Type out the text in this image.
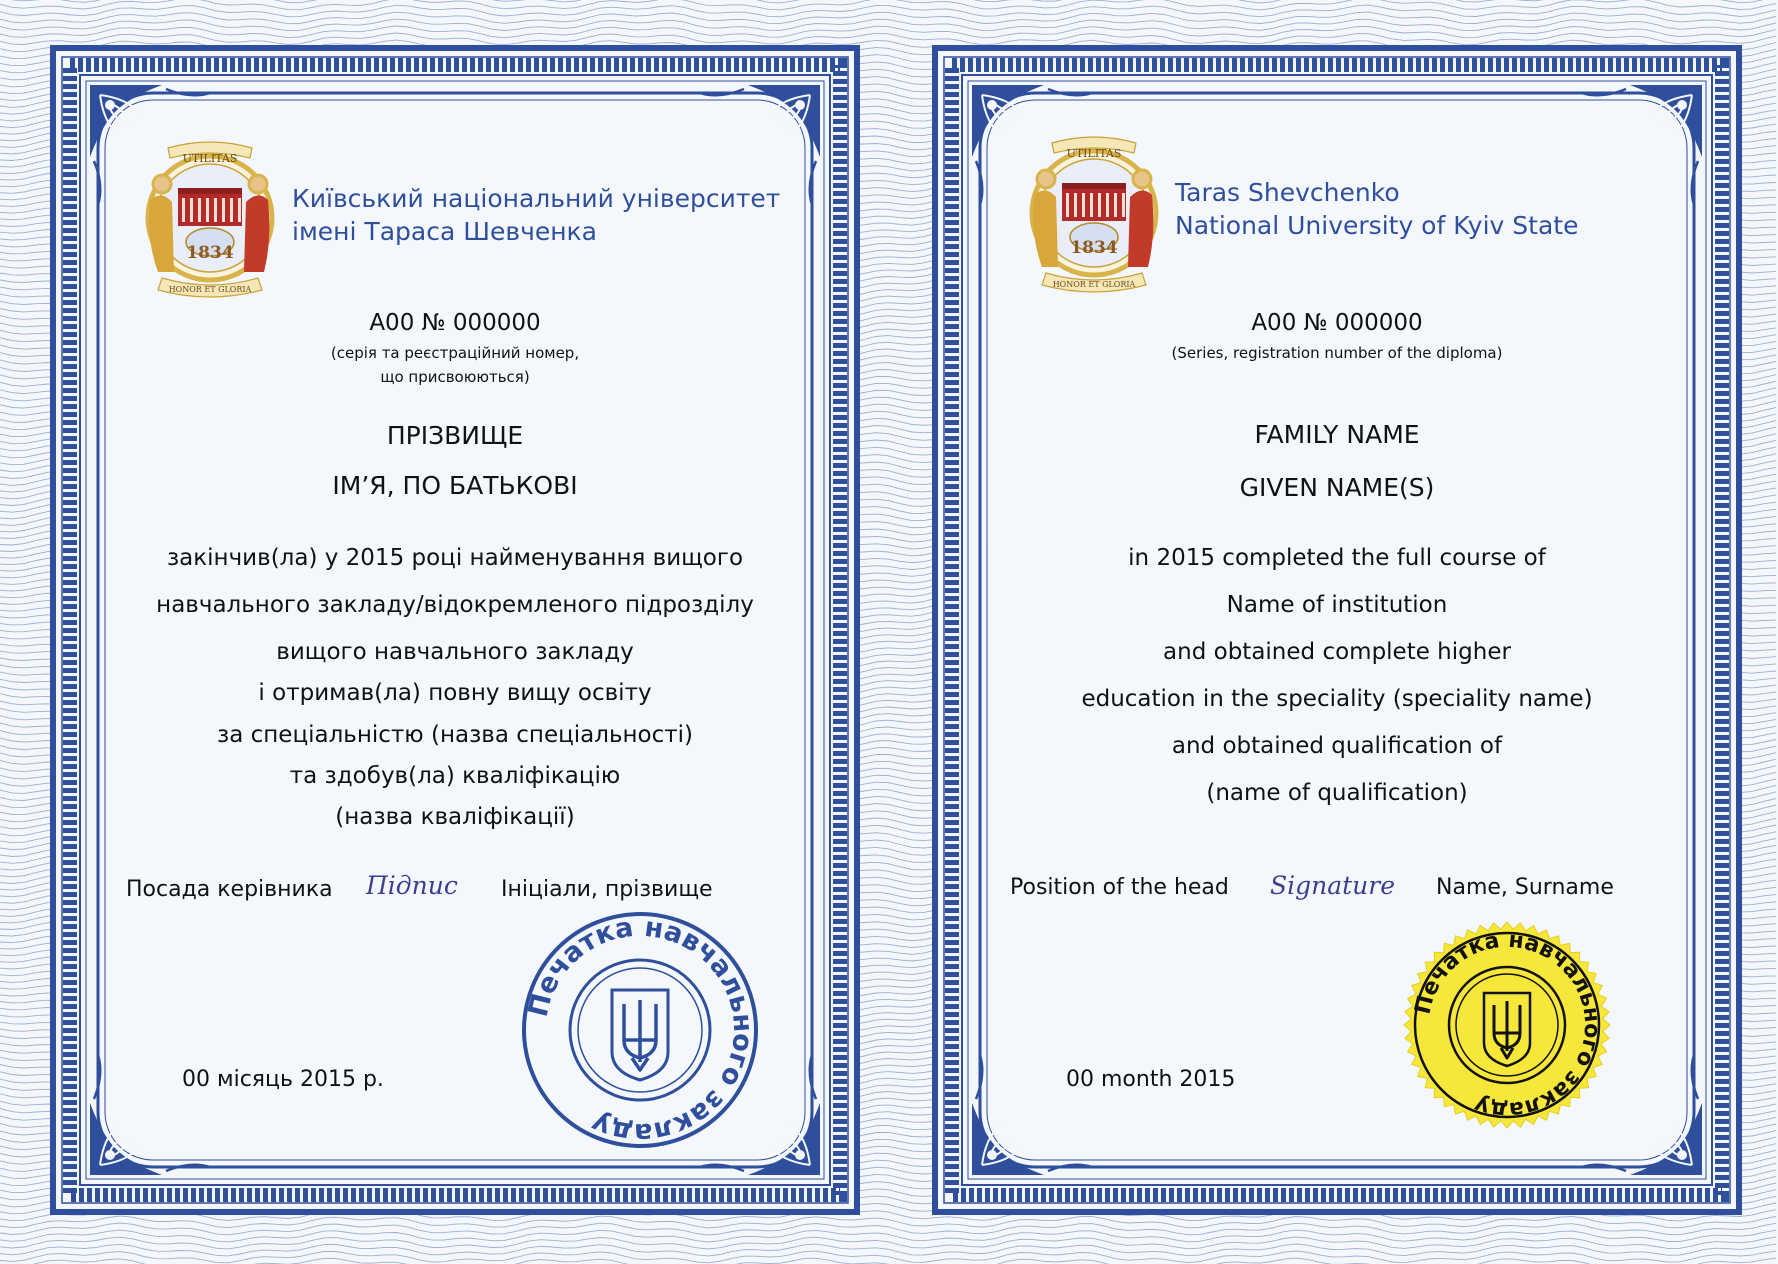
UTILITAS
1834
HONOR ET GLORIA
Київський національний університет
імені Тараса Шевченка
А00 № 000000
(серія та реєстраційний номер,
що присвоюються)
ПРІЗВИЩЕ
ІМ’Я, ПО БАТЬКОВІ
закінчив(ла) у 2015 році найменування вищого
навчального закладу/відокремленого підрозділу
вищого навчального закладу
і отримав(ла) повну вищу освіту
за спеціальністю (назва спеціальності)
та здобув(ла) кваліфікацію
(назва кваліфікації)
Посада керівника Підпис Ініціали, прізвище
00 місяць 2015 р.
Печатка навчального закладу
UTILITAS
1834
HONOR ET GLORIA
Taras Shevchenko
National University of Kyiv State
А00 № 000000
(Series, registration number of the diploma)
FAMILY NAME
GIVEN NAME(S)
in 2015 completed the full course of
Name of institution
and obtained complete higher
education in the speciality (speciality name)
and obtained qualification of
(name of qualification)
Position of the head Signature Name, Surname
00 month 2015
Печатка навчального закладу
